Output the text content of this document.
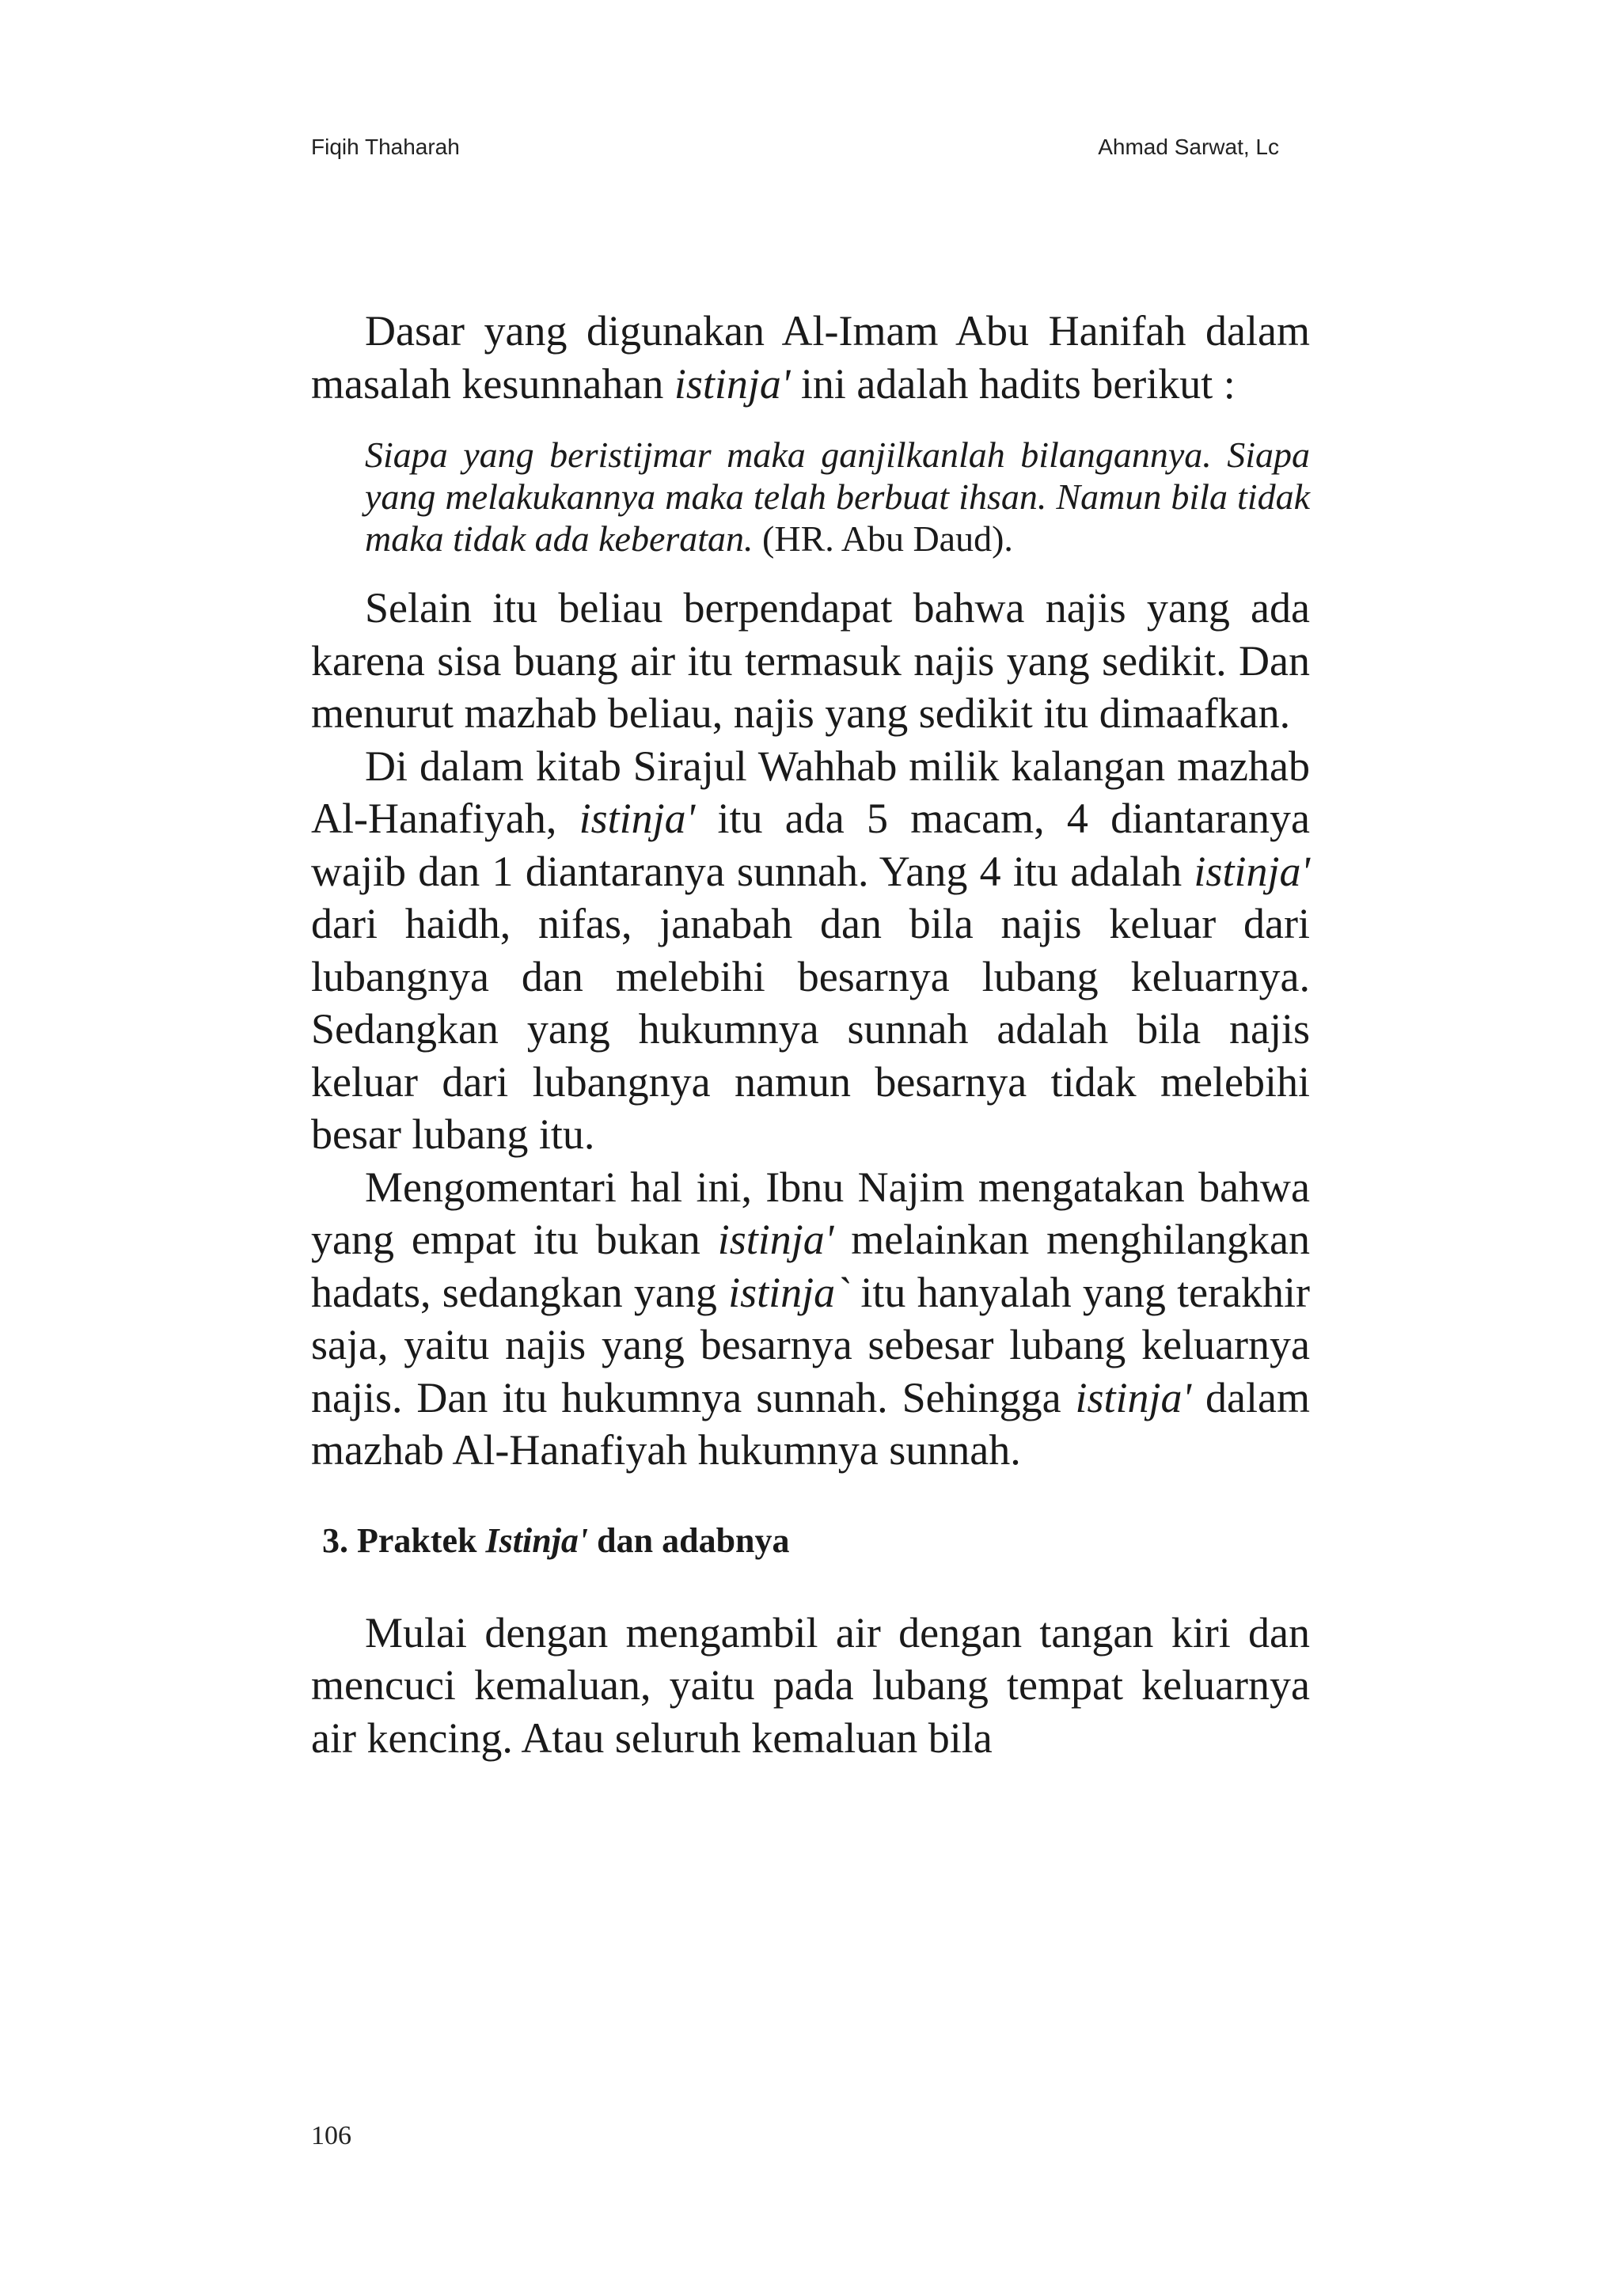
Fiqih Thaharah	Ahmad Sarwat, Lc

Dasar yang digunakan Al-Imam Abu Hanifah dalam masalah kesunnahan istinja' ini adalah hadits berikut :

Siapa yang beristijmar maka ganjilkanlah bilangannya. Siapa yang melakukannya maka telah berbuat ihsan. Namun bila tidak maka tidak ada keberatan. (HR. Abu Daud).

Selain itu beliau berpendapat bahwa najis yang ada karena sisa buang air itu termasuk najis yang sedikit. Dan menurut mazhab beliau, najis yang sedikit itu dimaafkan.

Di dalam kitab Sirajul Wahhab milik kalangan mazhab Al-Hanafiyah, istinja' itu ada 5 macam, 4 diantaranya wajib dan 1 diantaranya sunnah. Yang 4 itu adalah istinja' dari haidh, nifas, janabah dan bila najis keluar dari lubangnya dan melebihi besarnya lubang keluarnya. Sedangkan yang hukumnya sunnah adalah bila najis keluar dari lubangnya namun besarnya tidak melebihi besar lubang itu.

Mengomentari hal ini, Ibnu Najim mengatakan bahwa yang empat itu bukan istinja' melainkan menghilangkan hadats, sedangkan yang istinja` itu hanyalah yang terakhir saja, yaitu najis yang besarnya sebesar lubang keluarnya najis. Dan itu hukumnya sunnah. Sehingga istinja' dalam mazhab Al-Hanafiyah hukumnya sunnah.

3. Praktek Istinja' dan adabnya

Mulai dengan mengambil air dengan tangan kiri dan mencuci kemaluan, yaitu pada lubang tempat keluarnya air kencing. Atau seluruh kemaluan bila

106
